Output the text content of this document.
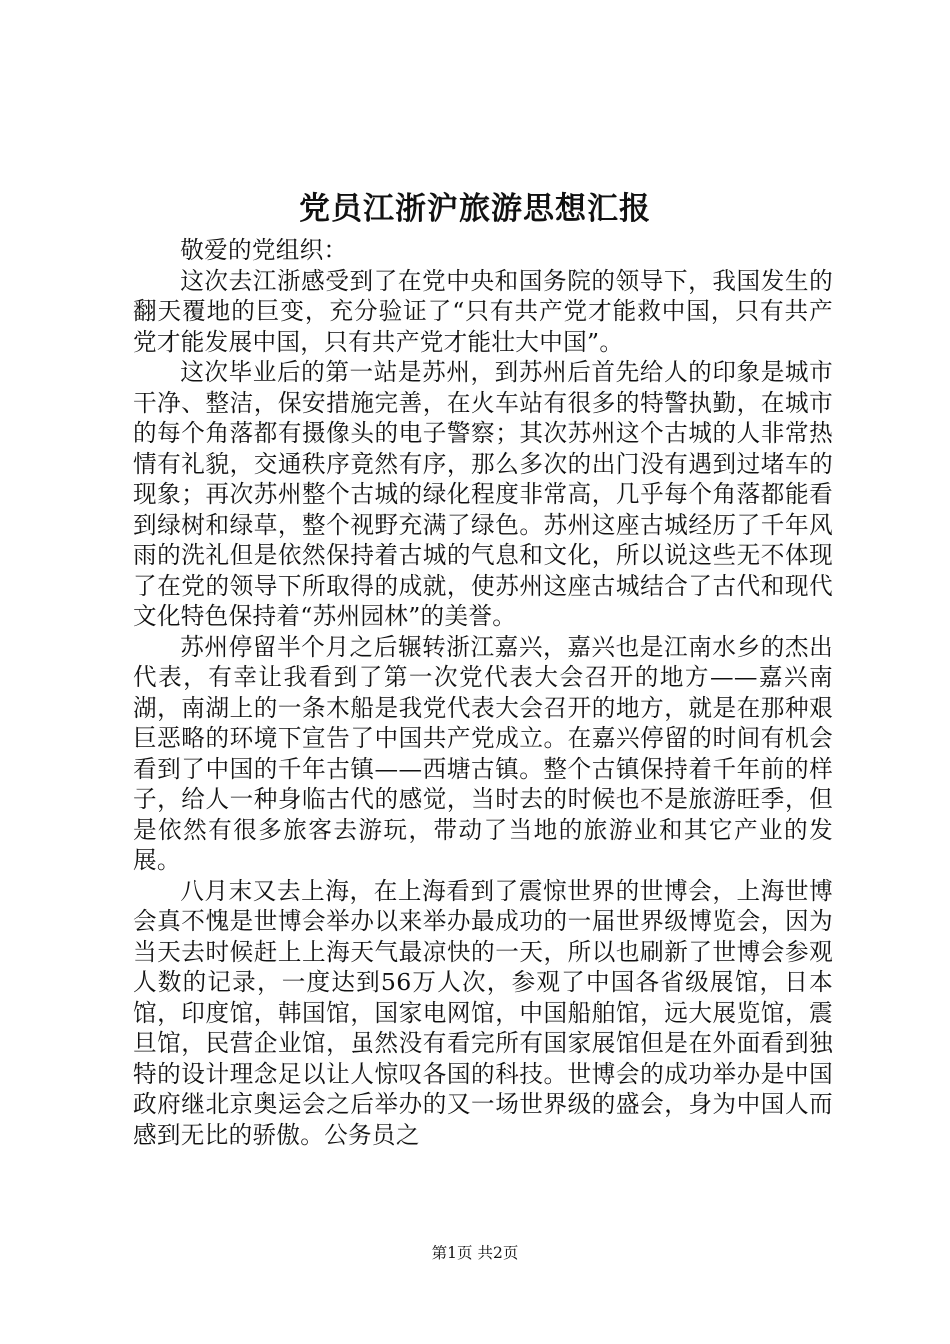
党员江浙沪旅游思想汇报

敬爱的党组织：

这次去江浙感受到了在党中央和国务院的领导下，我国发生的翻天覆地的巨变，充分验证了“只有共产党才能救中国，只有共产党才能发展中国，只有共产党才能壮大中国”。

这次毕业后的第一站是苏州，到苏州后首先给人的印象是城市干净、整洁，保安措施完善，在火车站有很多的特警执勤，在城市的每个角落都有摄像头的电子警察；其次苏州这个古城的人非常热情有礼貌，交通秩序竟然有序，那么多次的出门没有遇到过堵车的现象；再次苏州整个古城的绿化程度非常高，几乎每个角落都能看到绿树和绿草，整个视野充满了绿色。苏州这座古城经历了千年风雨的洗礼但是依然保持着古城的气息和文化，所以说这些无不体现了在党的领导下所取得的成就，使苏州这座古城结合了古代和现代文化特色保持着“苏州园林”的美誉。

苏州停留半个月之后辗转浙江嘉兴，嘉兴也是江南水乡的杰出代表，有幸让我看到了第一次党代表大会召开的地方——嘉兴南湖，南湖上的一条木船是我党代表大会召开的地方，就是在那种艰巨恶略的环境下宣告了中国共产党成立。在嘉兴停留的时间有机会看到了中国的千年古镇——西塘古镇。整个古镇保持着千年前的样子，给人一种身临古代的感觉，当时去的时候也不是旅游旺季，但是依然有很多旅客去游玩，带动了当地的旅游业和其它产业的发展。

八月末又去上海，在上海看到了震惊世界的世博会，上海世博会真不愧是世博会举办以来举办最成功的一届世界级博览会，因为当天去时候赶上上海天气最凉快的一天，所以也刷新了世博会参观人数的记录，一度达到56万人次，参观了中国各省级展馆，日本馆，印度馆，韩国馆，国家电网馆，中国船舶馆，远大展览馆，震旦馆，民营企业馆，虽然没有看完所有国家展馆但是在外面看到独特的设计理念足以让人惊叹各国的科技。世博会的成功举办是中国政府继北京奥运会之后举办的又一场世界级的盛会，身为中国人而感到无比的骄傲。公务员之

第1页 共2页
